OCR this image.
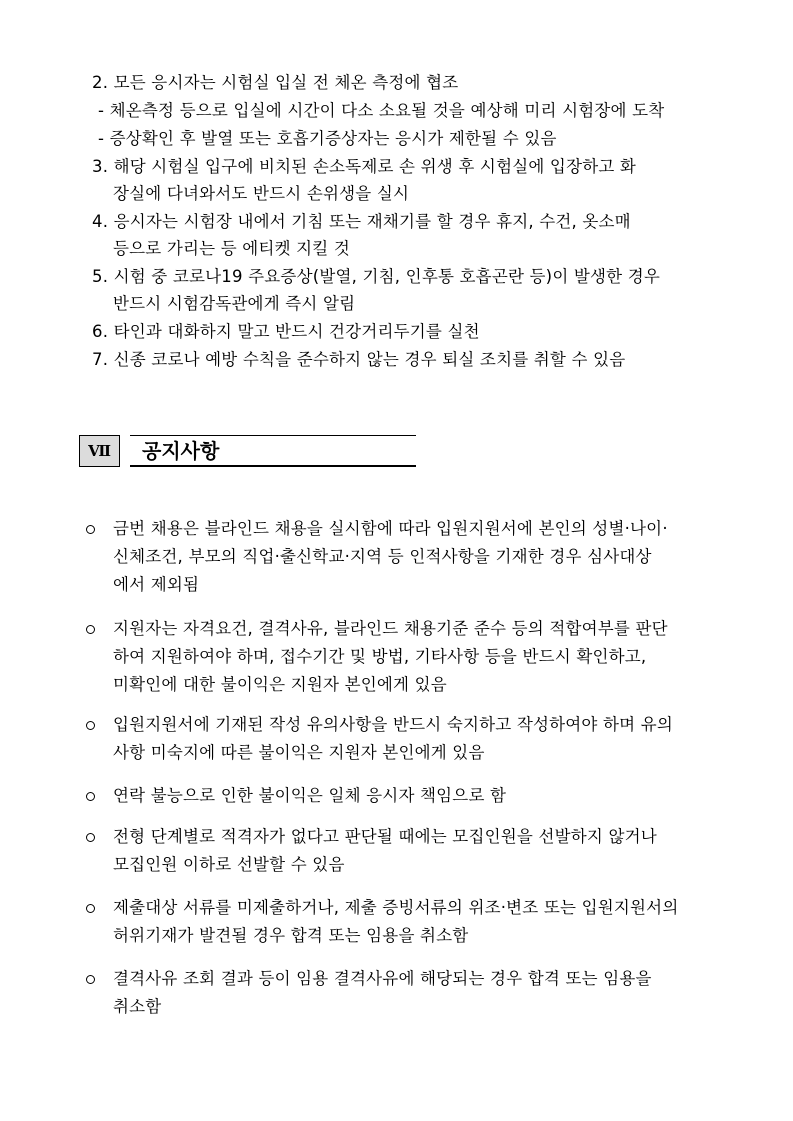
2. 모든 응시자는 시험실 입실 전 체온 측정에 협조
- 체온측정 등으로 입실에 시간이 다소 소요될 것을 예상해 미리 시험장에 도착
- 증상확인 후 발열 또는 호흡기증상자는 응시가 제한될 수 있음
3. 해당 시험실 입구에 비치된 손소독제로 손 위생 후 시험실에 입장하고 화
장실에 다녀와서도 반드시 손위생을 실시
4. 응시자는 시험장 내에서 기침 또는 재채기를 할 경우 휴지, 수건, 옷소매
등으로 가리는 등 에티켓 지킬 것
5. 시험 중 코로나19 주요증상(발열, 기침, 인후통 호흡곤란 등)이 발생한 경우
반드시 시험감독관에게 즉시 알림
6. 타인과 대화하지 말고 반드시 건강거리두기를 실천
7. 신종 코로나 예방 수칙을 준수하지 않는 경우 퇴실 조치를 취할 수 있음
Ⅶ	공지사항
금번 채용은 블라인드 채용을 실시함에 따라 입원지원서에 본인의 성별·나이·
신체조건, 부모의 직업·출신학교·지역 등 인적사항을 기재한 경우 심사대상
에서 제외됨
지원자는 자격요건, 결격사유, 블라인드 채용기준 준수 등의 적합여부를 판단
하여 지원하여야 하며, 접수기간 및 방법, 기타사항 등을 반드시 확인하고,
미확인에 대한 불이익은 지원자 본인에게 있음
입원지원서에 기재된 작성 유의사항을 반드시 숙지하고 작성하여야 하며 유의
사항 미숙지에 따른 불이익은 지원자 본인에게 있음
연락 불능으로 인한 불이익은 일체 응시자 책임으로 함
전형 단계별로 적격자가 없다고 판단될 때에는 모집인원을 선발하지 않거나
모집인원 이하로 선발할 수 있음
제출대상 서류를 미제출하거나, 제출 증빙서류의 위조·변조 또는 입원지원서의
허위기재가 발견될 경우 합격 또는 임용을 취소함
결격사유 조회 결과 등이 임용 결격사유에 해당되는 경우 합격 또는 임용을
취소함
